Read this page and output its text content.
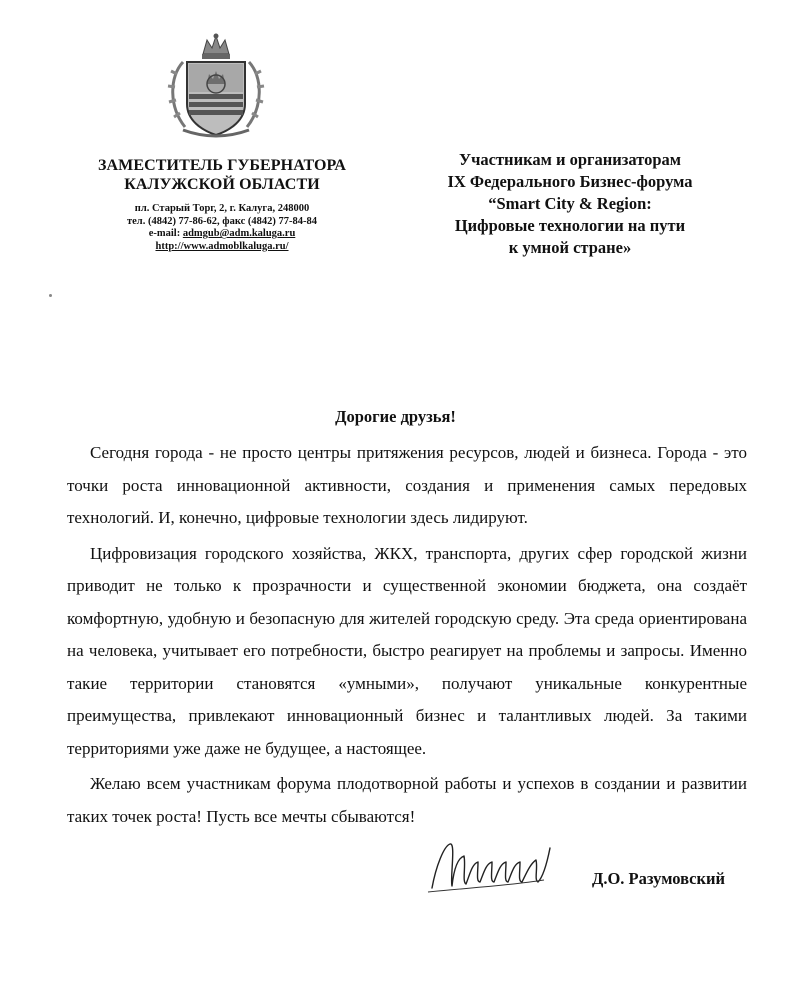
ЗАМЕСТИТЕЛЬ ГУБЕРНАТОРА
КАЛУЖСКОЙ ОБЛАСТИ
пл. Старый Торг, 2, г. Калуга, 248000
тел. (4842) 77-86-62, факс (4842) 77-84-84
e-mail: admgub@adm.kaluga.ru
http://www.admoblkaluga.ru/
Участникам и организаторам
IX Федерального Бизнес-форума
“Smart City & Region:
Цифровые технологии на пути
к умной стране»
Дорогие друзья!

Сегодня города - не просто центры притяжения ресурсов, людей и бизнеса. Города - это точки роста инновационной активности, создания и применения самых передовых технологий. И, конечно, цифровые технологии здесь лидируют.

Цифровизация городского хозяйства, ЖКХ, транспорта, других сфер городской жизни приводит не только к прозрачности и существенной экономии бюджета, она создаёт комфортную, удобную и безопасную для жителей городскую среду. Эта среда ориентирована на человека, учитывает его потребности, быстро реагирует на проблемы и запросы. Именно такие территории становятся «умными», получают уникальные конкурентные преимущества, привлекают инновационный бизнес и талантливых людей. За такими территориями уже даже не будущее, а настоящее.

Желаю всем участникам форума плодотворной работы и успехов в создании и развитии таких точек роста! Пусть все мечты сбываются!

Д.О. Разумовский
